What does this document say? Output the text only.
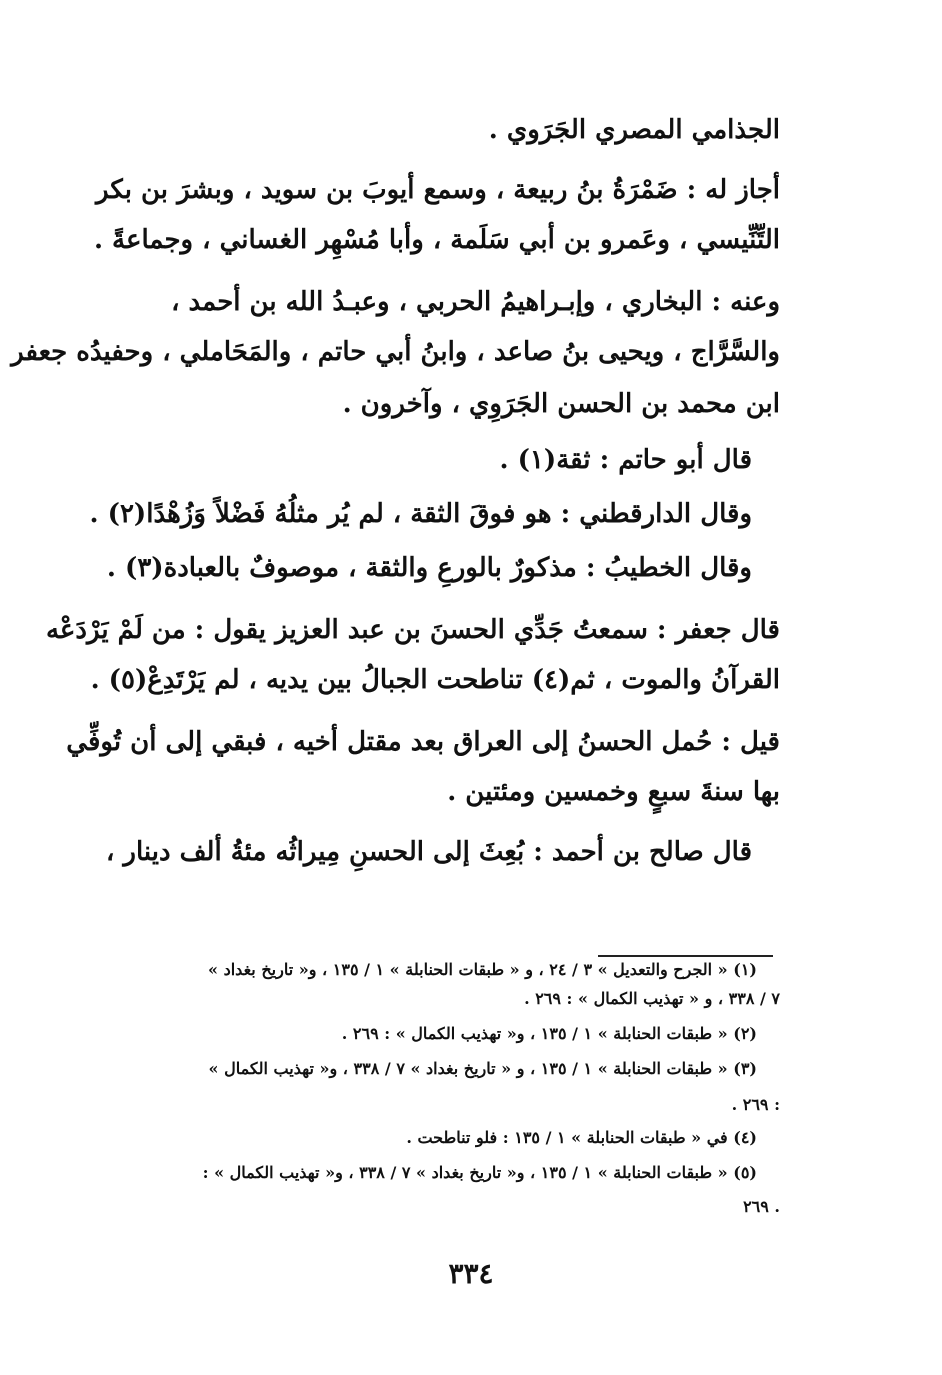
الجذامي المصري الجَرَوي .
أجاز له : ضَمْرَةُ بنُ ربيعة ، وسمع أيوبَ بن سويد ، وبشرَ بن بكر
التِّنِّيسي ، وعَمرو بن أبي سَلَمة ، وأبا مُسْهِر الغساني ، وجماعةً .
وعنه : البخاري ، وإبـراهيمُ الحربي ، وعبـدُ الله بن أحمد ،
والسَّرَّاج ، ويحيى بنُ صاعد ، وابنُ أبي حاتم ، والمَحَاملي ، وحفيدُه جعفر
ابن محمد بن الحسن الجَرَوِي ، وآخرون .
قال أبو حاتم : ثقة(١) .
وقال الدارقطني : هو فوقَ الثقة ، لم يُر مثلُهُ فَضْلاً وَزُهْدًا(٢) .
وقال الخطيبُ : مذكورٌ بالورعِ والثقة ، موصوفٌ بالعبادة(٣) .
قال جعفر : سمعتُ جَدِّي الحسنَ بن عبد العزيز يقول : من لَمْ يَرْدَعْه
القرآنُ والموت ، ثم(٤) تناطحت الجبالُ بين يديه ، لم يَرْتَدِعْ(٥) .
قيل : حُمل الحسنُ إلى العراق بعد مقتل أخيه ، فبقي إلى أن تُوفِّي
بها سنةَ سبعٍ وخمسين ومئتين .
قال صالح بن أحمد : بُعِثَ إلى الحسنِ مِيراثُه مئةُ ألف دينار ،
(١) « الجرح والتعديل » ٣ / ٢٤ ، و « طبقات الحنابلة » ١ / ١٣٥ ، و« تاريخ بغداد »
٧ / ٣٣٨ ، و « تهذيب الكمال » : ٢٦٩ .
(٢) « طبقات الحنابلة » ١ / ١٣٥ ، و« تهذيب الكمال » : ٢٦٩ .
(٣) « طبقات الحنابلة » ١ / ١٣٥ ، و « تاريخ بغداد » ٧ / ٣٣٨ ، و« تهذيب الكمال »
: ٢٦٩ .
(٤) في « طبقات الحنابلة » ١ / ١٣٥ : فلو تناطحت .
(٥) « طبقات الحنابلة » ١ / ١٣٥ ، و« تاريخ بغداد » ٧ / ٣٣٨ ، و« تهذيب الكمال » :
. ٢٦٩
٣٣٤
